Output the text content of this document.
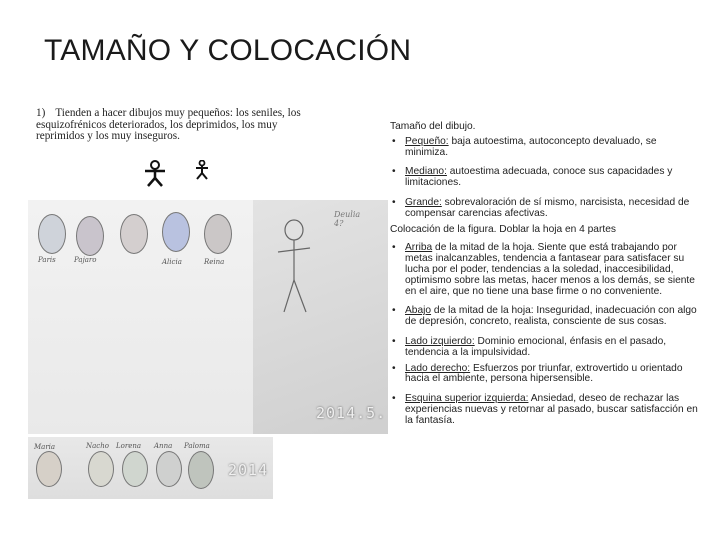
TAMAÑO Y COLOCACIÓN
1) Tienden a hacer dibujos muy pequeños: los seniles, los esquizofrénicos deteriorados, los deprimidos, los muy reprimidos y los muy inseguros.
Paris	Pajaro	Alicia	Reina
Deulia
4?
2014.5.
Maria	Nacho Lorena Anna Paloma
2014

Tamaño del dibujo.

• Pequeño: baja autoestima, autoconcepto devaluado, se minimiza.

• Mediano: autoestima adecuada, conoce sus capacidades y limitaciones.

• Grande: sobrevaloración de sí mismo, narcisista, necesidad de compensar carencias afectivas.

Colocación de la figura. Doblar la hoja en 4 partes

• Arriba de la mitad de la hoja. Siente que está trabajando por metas inalcanzables, tendencia a fantasear para satisfacer su lucha por el poder, tendencias a la soledad, inaccesibilidad, optimismo sobre las metas, hacer menos a los demás, se siente en el aire, que no tiene una base firme o no conveniente.

• Abajo de la mitad de la hoja: Inseguridad, inadecuación con algo de depresión, concreto, realista, consciente de sus cosas.

• Lado izquierdo: Dominio emocional, énfasis en el pasado, tendencia a la impulsividad.

• Lado derecho: Esfuerzos por triunfar, extrovertido u orientado hacia el ambiente, persona hipersensible.

• Esquina superior izquierda: Ansiedad, deseo de rechazar las experiencias nuevas y retornar al pasado, buscar satisfacción en la fantasía.
